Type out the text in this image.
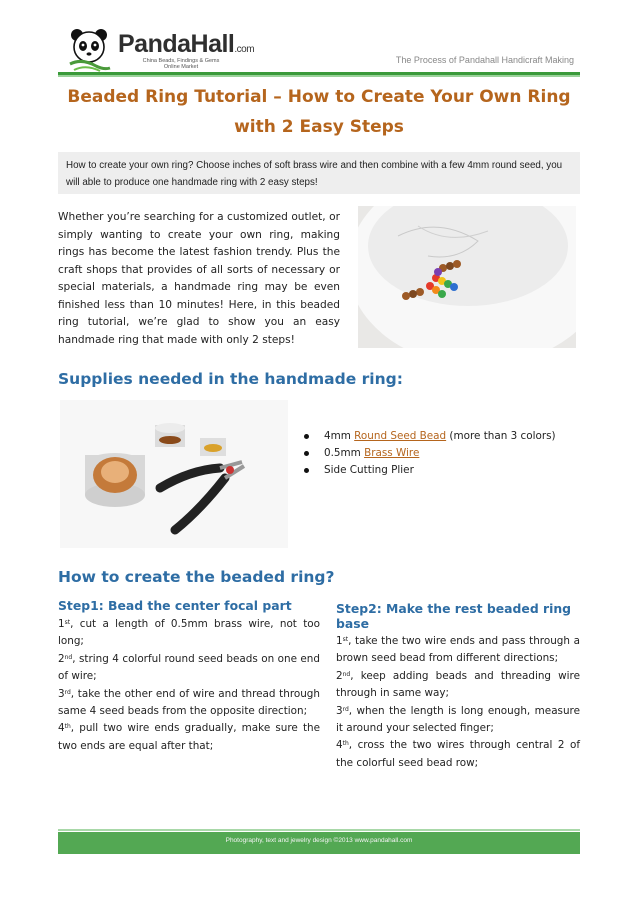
PandaHall.com
China Beads, Findings & Gems
Online Market
The Process of Pandahall Handicraft Making
Beaded Ring Tutorial – How to Create Your Own Ring with 2 Easy Steps
How to create your own ring? Choose inches of soft brass wire and then combine with a few 4mm round seed, you will able to produce one handmade ring with 2 easy steps!
Whether you’re searching for a customized outlet, or simply wanting to create your own ring, making rings has become the latest fashion trendy. Plus the craft shops that provides of all sorts of necessary or special materials, a handmade ring may be even finished less than 10 minutes! Here, in this beaded ring tutorial, we’re glad to show you an easy handmade ring that made with only 2 steps!
Supplies needed in the handmade ring:
4mm Round Seed Bead (more than 3 colors)
0.5mm Brass Wire
Side Cutting Plier
How to create the beaded ring?
Step1: Bead the center focal part

1st, cut a length of 0.5mm brass wire, not too long;

2nd, string 4 colorful round seed beads on one end of wire;

3rd, take the other end of wire and thread through same 4 seed beads from the opposite direction;

4th, pull two wire ends gradually, make sure the two ends are equal after that;

Step2: Make the rest beaded ring base

1st, take the two wire ends and pass through a brown seed bead from different directions;

2nd, keep adding beads and threading wire through in same way;

3rd, when the length is long enough, measure it around your selected finger;

4th, cross the two wires through central 2 of the colorful seed bead row;

Photography, text and jewelry design ©2013 www.pandahall.com
